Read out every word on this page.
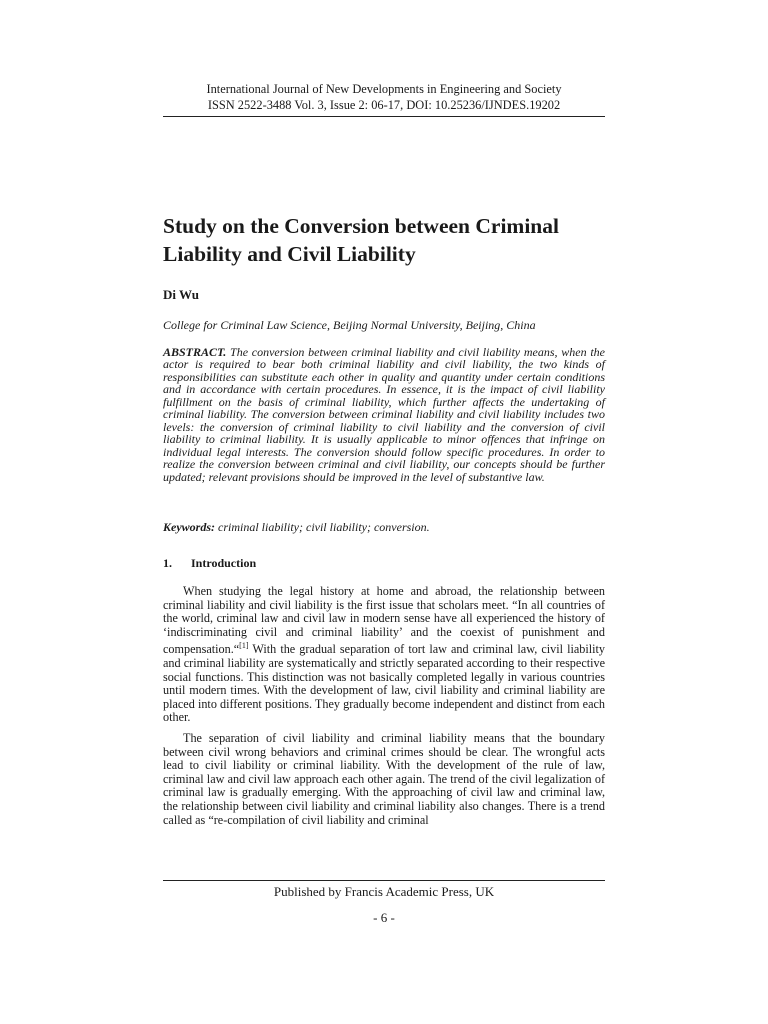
International Journal of New Developments in Engineering and Society
ISSN 2522-3488 Vol. 3, Issue 2: 06-17, DOI: 10.25236/IJNDES.19202
Study on the Conversion between Criminal Liability and Civil Liability
Di Wu
College for Criminal Law Science, Beijing Normal University, Beijing, China

ABSTRACT. The conversion between criminal liability and civil liability means, when the actor is required to bear both criminal liability and civil liability, the two kinds of responsibilities can substitute each other in quality and quantity under certain conditions and in accordance with certain procedures. In essence, it is the impact of civil liability fulfillment on the basis of criminal liability, which further affects the undertaking of criminal liability. The conversion between criminal liability and civil liability includes two levels: the conversion of criminal liability to civil liability and the conversion of civil liability to criminal liability. It is usually applicable to minor offences that infringe on individual legal interests. The conversion should follow specific procedures. In order to realize the conversion between criminal and civil liability, our concepts should be further updated; relevant provisions should be improved in the level of substantive law.

Keywords: criminal liability; civil liability; conversion.
1. Introduction

When studying the legal history at home and abroad, the relationship between criminal liability and civil liability is the first issue that scholars meet. “In all countries of the world, criminal law and civil law in modern sense have all experienced the history of ‘indiscriminating civil and criminal liability’ and the coexist of punishment and compensation.“[1] With the gradual separation of tort law and criminal law, civil liability and criminal liability are systematically and strictly separated according to their respective social functions. This distinction was not basically completed legally in various countries until modern times. With the development of law, civil liability and criminal liability are placed into different positions. They gradually become independent and distinct from each other.

The separation of civil liability and criminal liability means that the boundary between civil wrong behaviors and criminal crimes should be clear. The wrongful acts lead to civil liability or criminal liability. With the development of the rule of law, criminal law and civil law approach each other again. The trend of the civil legalization of criminal law is gradually emerging. With the approaching of civil law and criminal law, the relationship between civil liability and criminal liability also changes. There is a trend called as “re-compilation of civil liability and criminal

Published by Francis Academic Press, UK
- 6 -
